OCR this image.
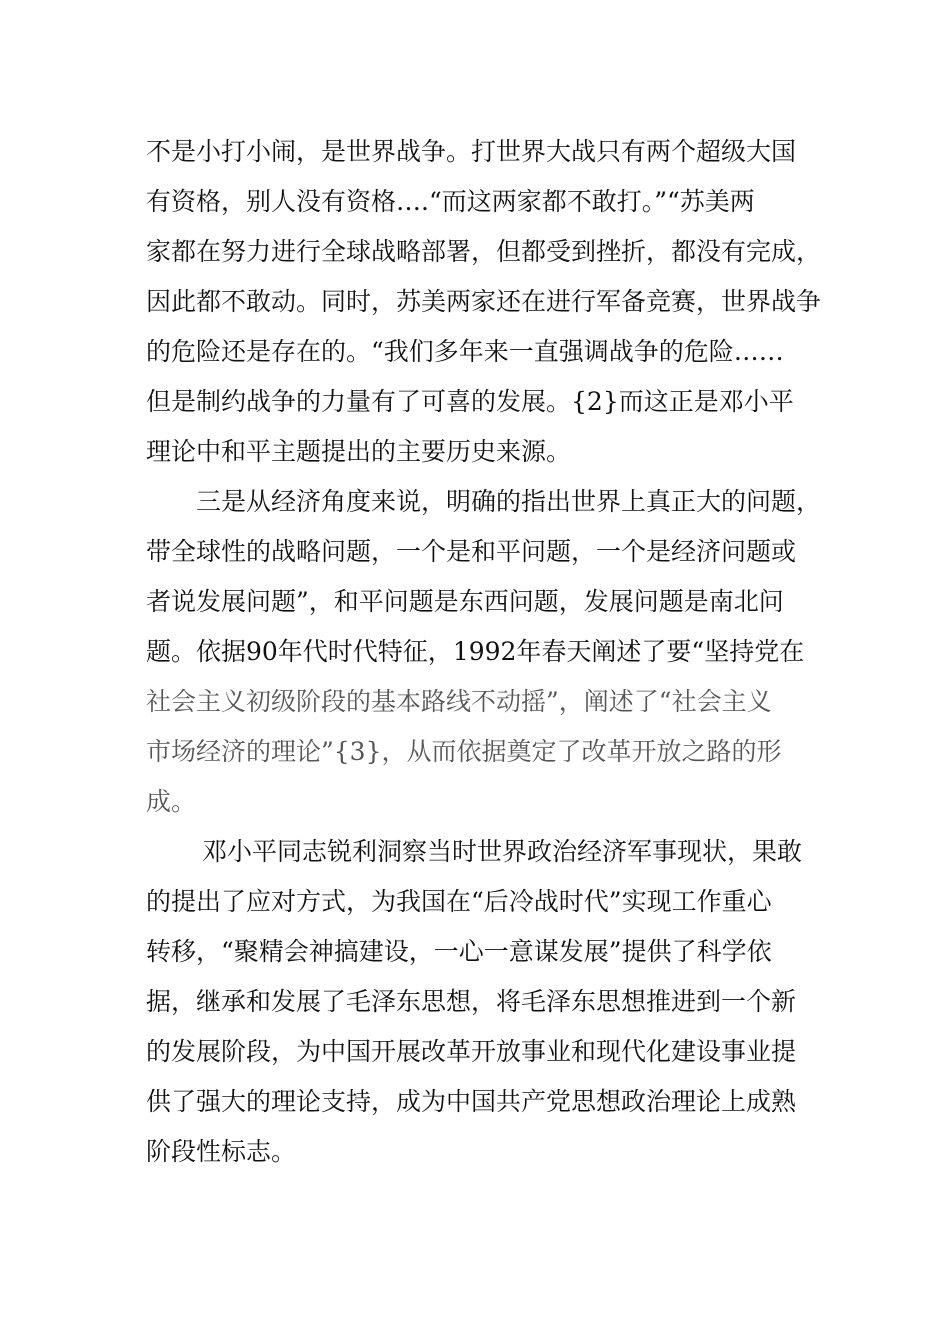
不是小打小闹，是世界战争。打世界大战只有两个超级大国
有资格，别人没有资格….“而这两家都不敢打。”“苏美两
家都在努力进行全球战略部署，但都受到挫折，都没有完成，
因此都不敢动。同时，苏美两家还在进行军备竞赛，世界战争
的危险还是存在的。“我们多年来一直强调战争的危险……
但是制约战争的力量有了可喜的发展。{2}而这正是邓小平
理论中和平主题提出的主要历史来源。
三是从经济角度来说，明确的指出世界上真正大的问题，
带全球性的战略问题，一个是和平问题，一个是经济问题或
者说发展问题”，和平问题是东西问题，发展问题是南北问
题。依据90年代时代特征，1992年春天阐述了要“坚持党在
社会主义初级阶段的基本路线不动摇”，阐述了“社会主义
市场经济的理论”{3}，从而依据奠定了改革开放之路的形
成。
邓小平同志锐利洞察当时世界政治经济军事现状，果敢
的提出了应对方式，为我国在“后冷战时代”实现工作重心
转移，“聚精会神搞建设，一心一意谋发展”提供了科学依
据，继承和发展了毛泽东思想，将毛泽东思想推进到一个新
的发展阶段，为中国开展改革开放事业和现代化建设事业提
供了强大的理论支持，成为中国共产党思想政治理论上成熟
阶段性标志。
